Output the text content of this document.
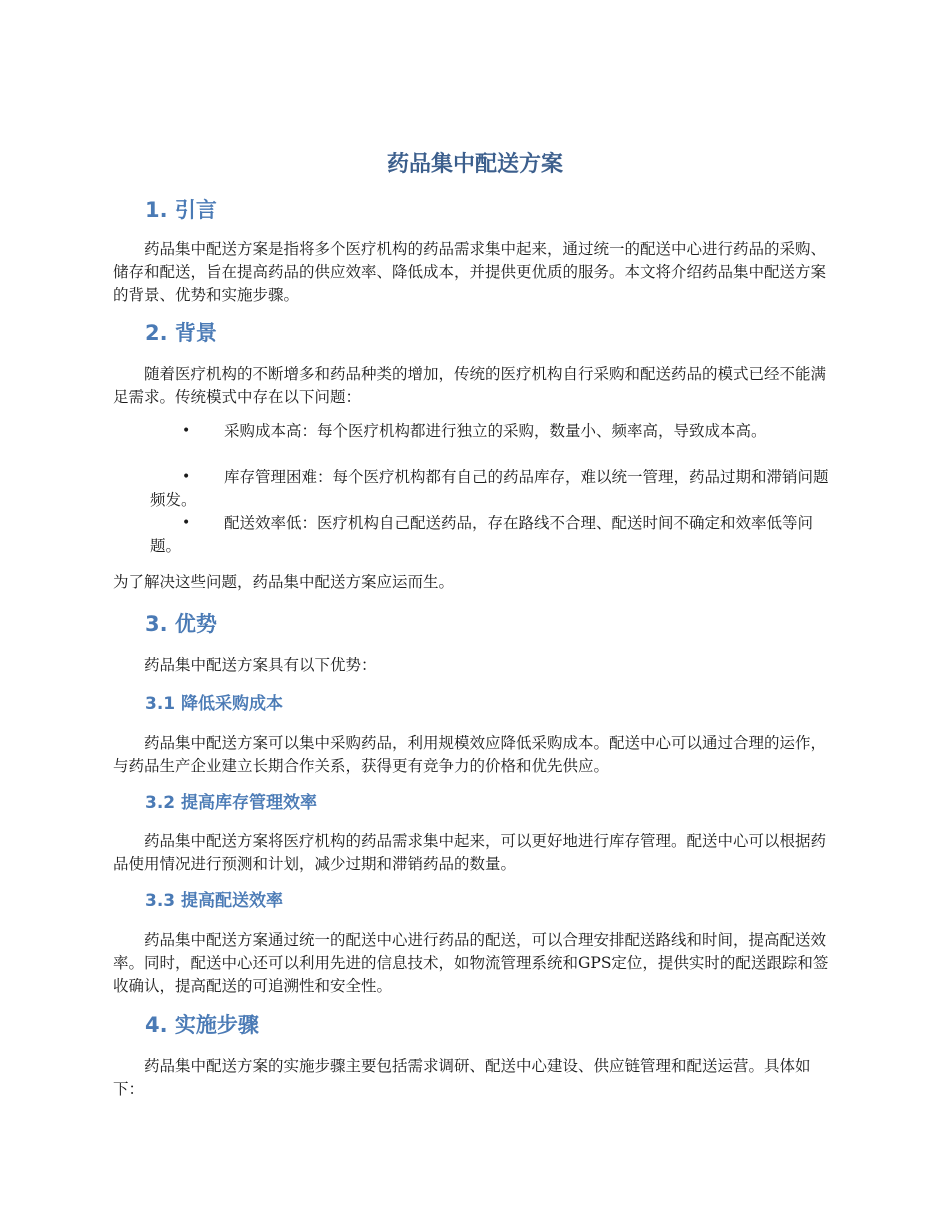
药品集中配送方案
1. 引言
药品集中配送方案是指将多个医疗机构的药品需求集中起来，通过统一的配送中心进行药品的采购、储存和配送，旨在提高药品的供应效率、降低成本，并提供更优质的服务。本文将介绍药品集中配送方案的背景、优势和实施步骤。
2. 背景
随着医疗机构的不断增多和药品种类的增加，传统的医疗机构自行采购和配送药品的模式已经不能满足需求。传统模式中存在以下问题：
•	采购成本高：每个医疗机构都进行独立的采购，数量小、频率高，导致成本高。
•	库存管理困难：每个医疗机构都有自己的药品库存，难以统一管理，药品过期和滞销问题频发。
•	配送效率低：医疗机构自己配送药品，存在路线不合理、配送时间不确定和效率低等问题。
为了解决这些问题，药品集中配送方案应运而生。
3. 优势
药品集中配送方案具有以下优势：
3.1 降低采购成本
药品集中配送方案可以集中采购药品，利用规模效应降低采购成本。配送中心可以通过合理的运作，与药品生产企业建立长期合作关系，获得更有竞争力的价格和优先供应。
3.2 提高库存管理效率
药品集中配送方案将医疗机构的药品需求集中起来，可以更好地进行库存管理。配送中心可以根据药品使用情况进行预测和计划，减少过期和滞销药品的数量。
3.3 提高配送效率
药品集中配送方案通过统一的配送中心进行药品的配送，可以合理安排配送路线和时间，提高配送效率。同时，配送中心还可以利用先进的信息技术，如物流管理系统和GPS定位，提供实时的配送跟踪和签收确认，提高配送的可追溯性和安全性。
4. 实施步骤
药品集中配送方案的实施步骤主要包括需求调研、配送中心建设、供应链管理和配送运营。具体如下：
